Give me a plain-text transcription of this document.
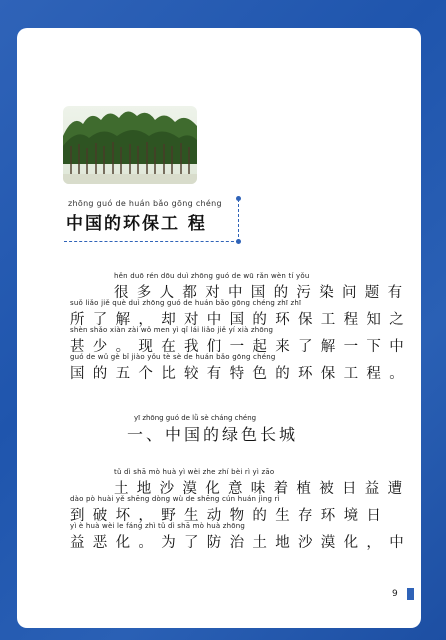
zhōng guó de huán bǎo gōng chéng
中国的环保工 程
hěn duō rén dōu duì zhōng guó de wū rǎn wèn tí yǒu
很多人都对中国的污染问题有
suǒ liǎo jiě què duì zhōng guó de huán bǎo gōng chéng zhī zhī
所了解，却对中国的环保工程知之
shèn shǎo xiàn zài wǒ men yì qǐ lái liǎo jiě yí xià zhōng
甚少。现在我们一起来了解一下中
guó de wǔ gè bǐ jiào yǒu tè sè de huán bǎo gōng chéng
国的五个比较有特色的环保工程。
yī zhōng guó de lǜ sè cháng chéng
一、中国的绿色长城
tǔ dì shā mò huà yì wèi zhe zhí bèi rì yì zāo
土地沙漠化意味着植被日益遭
dào pò huài yě shēng dòng wù de shēng cún huán jìng rì
到破坏，野生动物的生存环境日
yì è huà wèi le fáng zhì tǔ dì shā mò huà zhōng
益恶化。为了防治土地沙漠化，中
9
